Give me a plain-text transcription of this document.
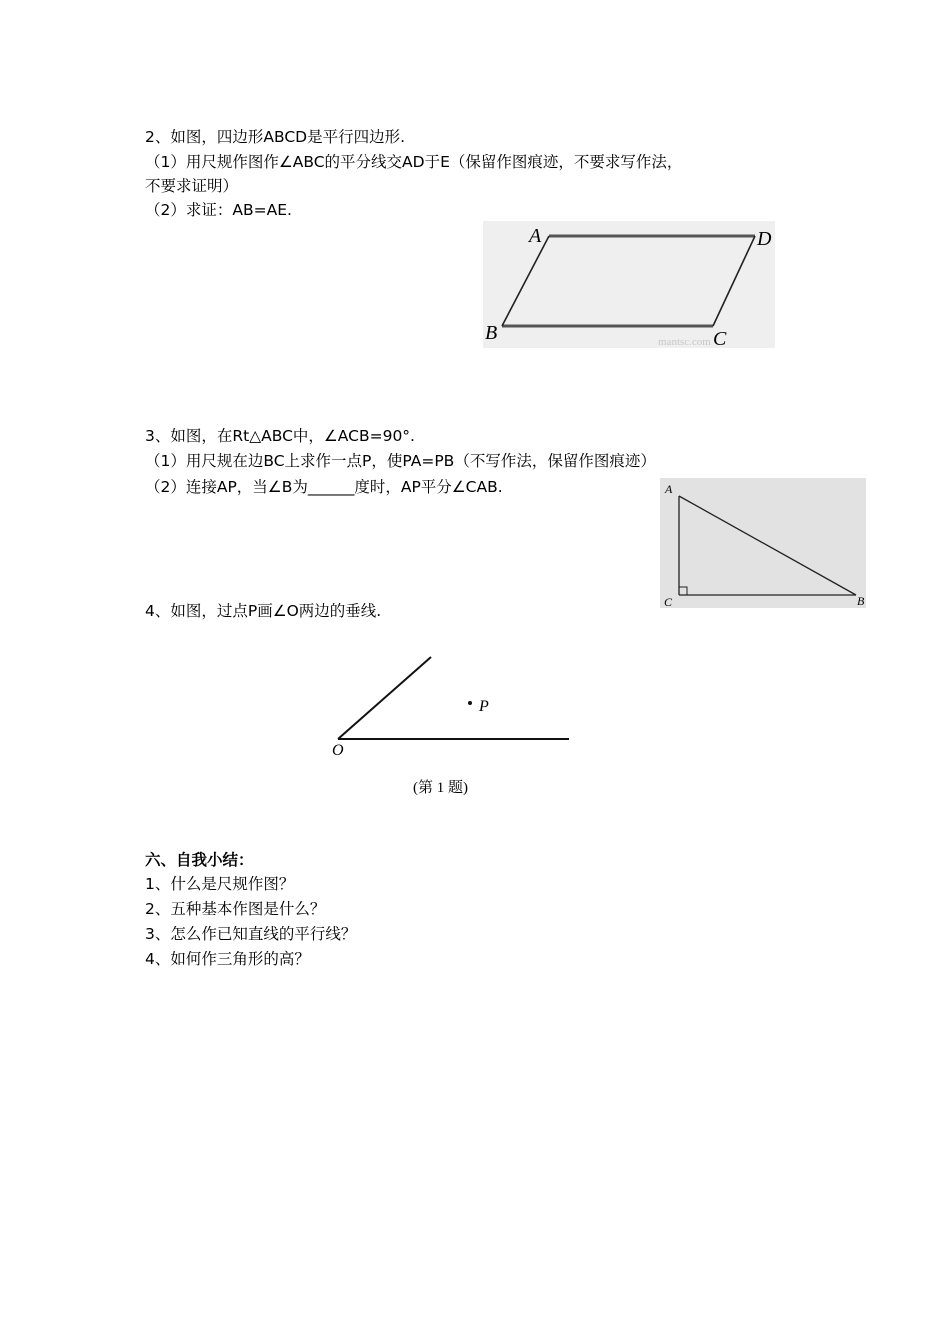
2、如图，四边形ABCD是平行四边形.
（1）用尺规作图作∠ABC的平分线交AD于E（保留作图痕迹，不要求写作法，
不要求证明）
（2）求证：AB=AE.
A	D
B	C
mantsc.com
3、如图，在Rt△ABC中，∠ACB=90°.
（1）用尺规在边BC上求作一点P，使PA=PB（不写作法，保留作图痕迹）
（2）连接AP，当∠B为______度时，AP平分∠CAB.	A
C	B
4、如图，过点P画∠O两边的垂线.
P
O
(第 1 题)
六、自我小结：
1、什么是尺规作图？
2、五种基本作图是什么？
3、怎么作已知直线的平行线？
4、如何作三角形的高？
